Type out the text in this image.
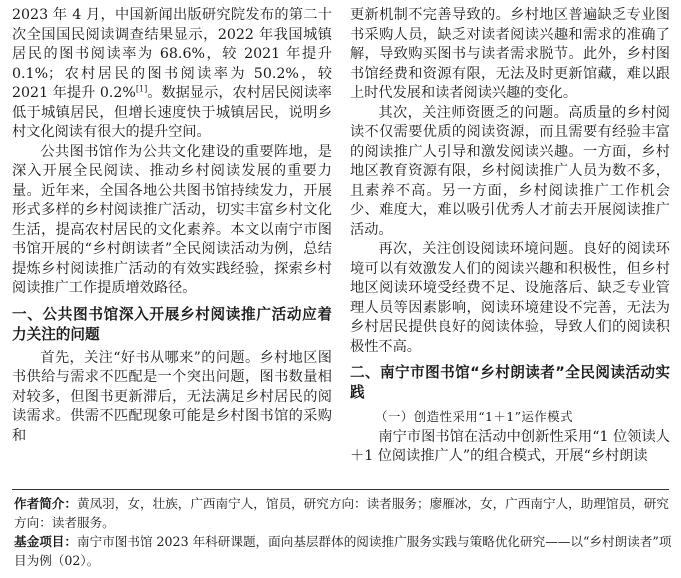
2023 年 4 月，中国新闻出版研究院发布的第二十次全国国民阅读调查结果显示，2022 年我国城镇居民的图书阅读率为 68.6%，较 2021 年提升 0.1%；农村居民的图书阅读率为 50.2%，较 2021 年提升 0.2%[1]。数据显示，农村居民阅读率低于城镇居民，但增长速度快于城镇居民，说明乡村文化阅读有很大的提升空间。

公共图书馆作为公共文化建设的重要阵地，是深入开展全民阅读、推动乡村阅读发展的重要力量。近年来，全国各地公共图书馆持续发力，开展形式多样的乡村阅读推广活动，切实丰富乡村文化生活，提高农村居民的文化素养。本文以南宁市图书馆开展的“乡村朗读者”全民阅读活动为例，总结提炼乡村阅读推广活动的有效实践经验，探索乡村阅读推广工作提质增效路径。

一、公共图书馆深入开展乡村阅读推广活动应着力关注的问题

首先，关注“好书从哪来”的问题。乡村地区图书供给与需求不匹配是一个突出问题，图书数量相对较多，但图书更新滞后，无法满足乡村居民的阅读需求。供需不匹配现象可能是乡村图书馆的采购和

更新机制不完善导致的。乡村地区普遍缺乏专业图书采购人员，缺乏对读者阅读兴趣和需求的准确了解，导致购买图书与读者需求脱节。此外，乡村图书馆经费和资源有限，无法及时更新馆藏，难以跟上时代发展和读者阅读兴趣的变化。

其次，关注师资匮乏的问题。高质量的乡村阅读不仅需要优质的阅读资源，而且需要有经验丰富的阅读推广人引导和激发阅读兴趣。一方面，乡村地区教育资源有限，乡村阅读推广人员为数不多，且素养不高。另一方面，乡村阅读推广工作机会少、难度大，难以吸引优秀人才前去开展阅读推广活动。

再次，关注创设阅读环境问题。良好的阅读环境可以有效激发人们的阅读兴趣和积极性，但乡村地区阅读环境受经费不足、设施落后、缺乏专业管理人员等因素影响，阅读环境建设不完善，无法为乡村居民提供良好的阅读体验，导致人们的阅读积极性不高。

二、南宁市图书馆“乡村朗读者”全民阅读活动实践

（一）创造性采用“1＋1”运作模式

南宁市图书馆在活动中创新性采用“1 位领读人＋1 位阅读推广人”的组合模式，开展“乡村朗读

作者简介：黄凤羽，女，壮族，广西南宁人，馆员，研究方向：读者服务；廖雁冰，女，广西南宁人，助理馆员，研究方向：读者服务。

基金项目：南宁市图书馆 2023 年科研课题，面向基层群体的阅读推广服务实践与策略优化研究——以“乡村朗读者”项目为例（02）。
